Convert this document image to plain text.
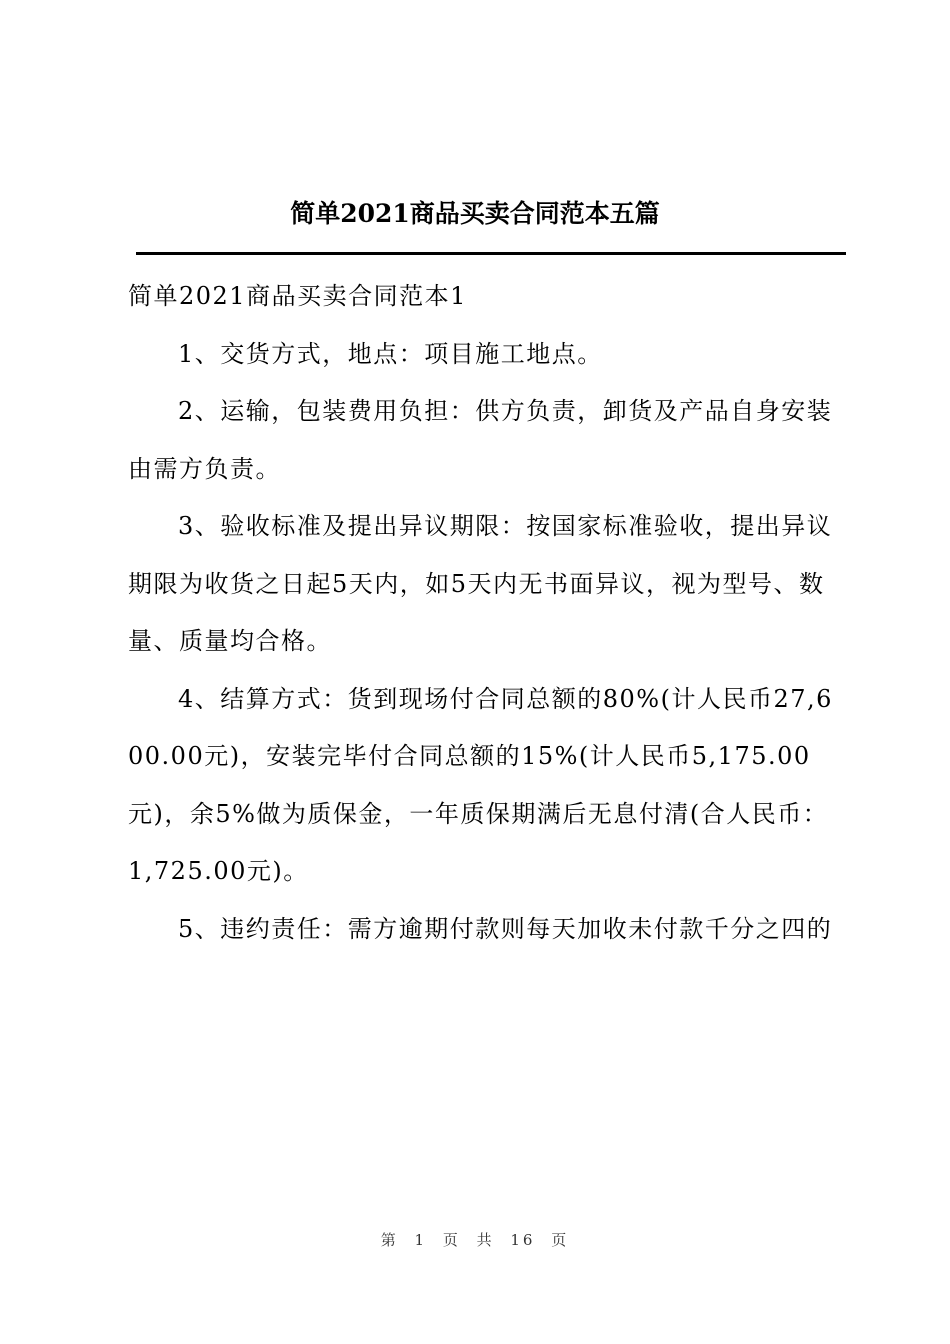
简单2021商品买卖合同范本五篇

简单2021商品买卖合同范本1

1、交货方式，地点：项目施工地点。

2、运输，包装费用负担：供方负责，卸货及产品自身安装由需方负责。

3、验收标准及提出异议期限：按国家标准验收，提出异议期限为收货之日起5天内，如5天内无书面异议，视为型号、数量、质量均合格。

4、结算方式：货到现场付合同总额的80%(计人民币27,600.00元)，安装完毕付合同总额的15%(计人民币5,175.00元)，余5%做为质保金，一年质保期满后无息付清(合人民币：1,725.00元)。

5、违约责任：需方逾期付款则每天加收未付款千分之四的

第 1 页 共 16 页
